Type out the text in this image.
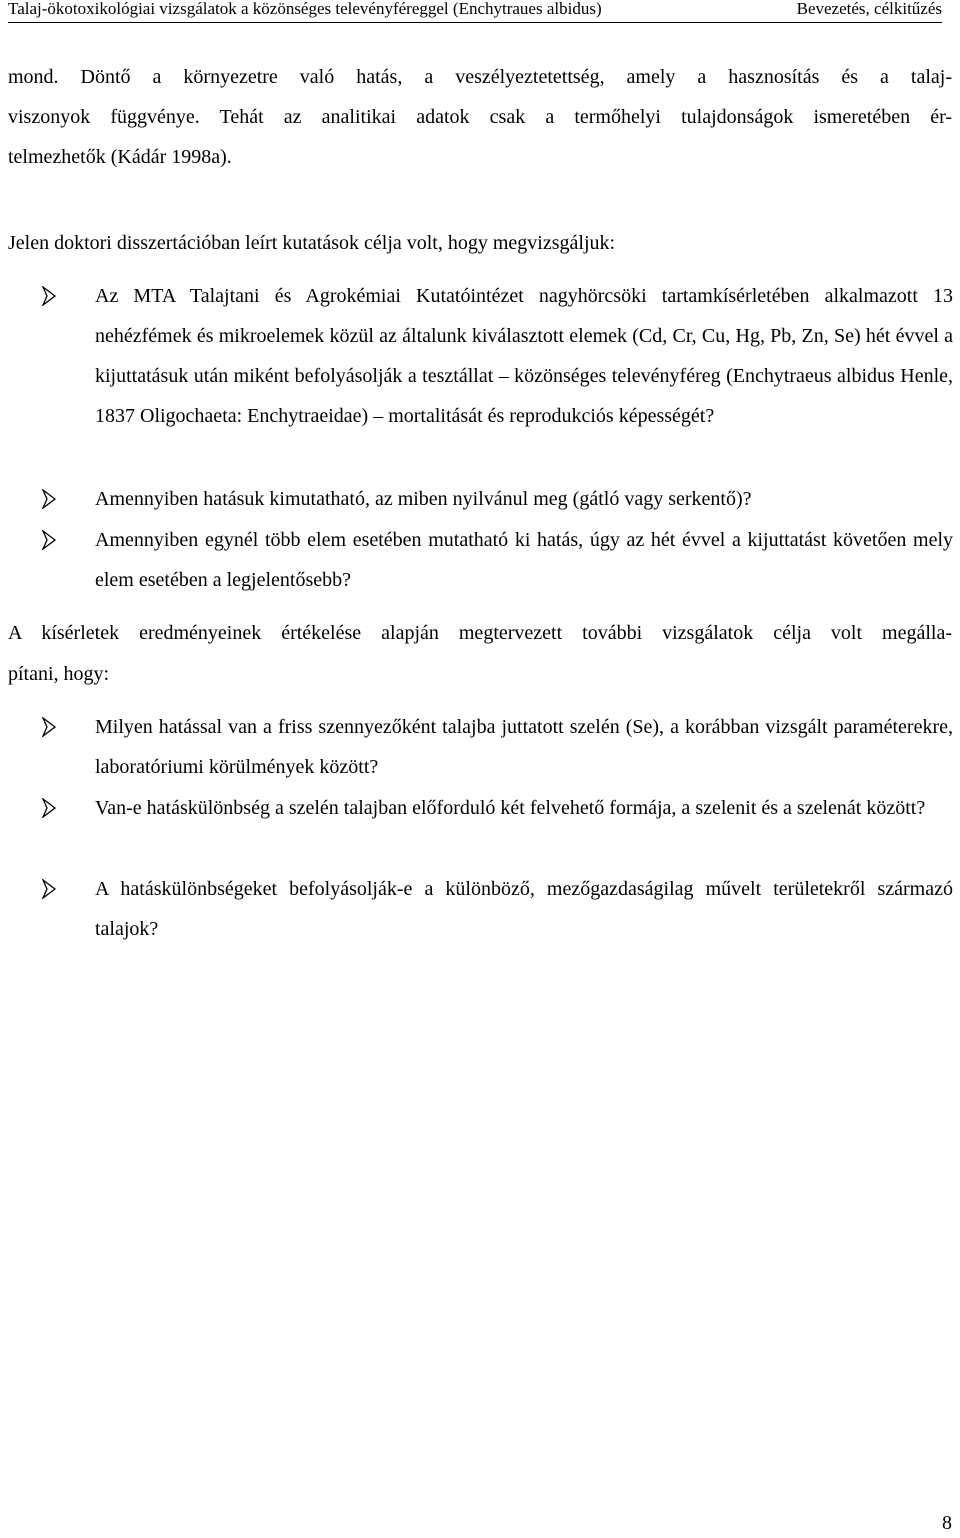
Talaj-ökotoxikológiai vizsgálatok a közönséges televényféreggel (Enchytraues albidus)	Bevezetés, célkitűzés
mond. Döntő a környezetre való hatás, a veszélyeztetettség, amely a hasznosítás és a talaj-
viszonyok függvénye. Tehát az analitikai adatok csak a termőhelyi tulajdonságok ismeretében ér-
telmezhetők (Kádár 1998a).
Jelen doktori disszertációban leírt kutatások célja volt, hogy megvizsgáljuk:

Az MTA Talajtani és Agrokémiai Kutatóintézet nagyhörcsöki tartamkísérletében alkalmazott 13 nehézfémek és mikroelemek közül az általunk kiválasztott elemek (Cd, Cr, Cu, Hg, Pb, Zn, Se) hét évvel a kijuttatásuk után miként befolyásolják a tesztállat – közönséges televényféreg (Enchytraeus albidus Henle, 1837 Oligochaeta: Enchytraeidae) – mortalitását és reprodukciós képességét?

Amennyiben hatásuk kimutatható, az miben nyilvánul meg (gátló vagy serkentő)?

Amennyiben egynél több elem esetében mutatható ki hatás, úgy az hét évvel a kijuttatást követően mely elem esetében a legjelentősebb?

A kísérletek eredményeinek értékelése alapján megtervezett további vizsgálatok célja volt megálla-
pítani, hogy:

Milyen hatással van a friss szennyezőként talajba juttatott szelén (Se), a korábban vizsgált paraméterekre, laboratóriumi körülmények között?

Van-e hatáskülönbség a szelén talajban előforduló két felvehető formája, a szelenit és a szelenát között?

A hatáskülönbségeket befolyásolják-e a különböző, mezőgazdaságilag művelt területekről származó talajok?

8
